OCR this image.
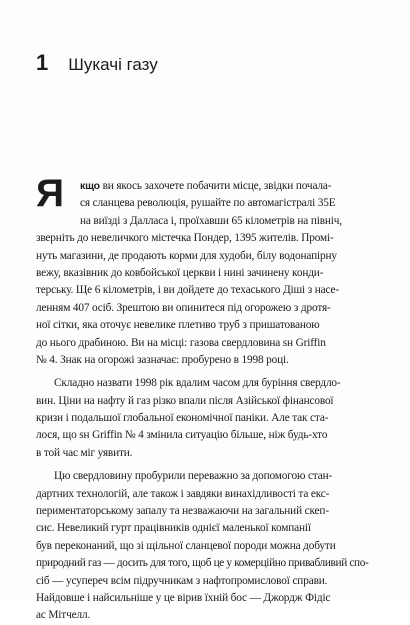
1 Шукачі газу
Я	кщо ви якось захочете побачити місце, звідки почала-
ся сланцева революція, рушайте по автомагістралі 35E
на виїзді з Далласа і, проїхавши 65 кілометрів на північ,
зверніть до невеличкого містечка Пондер, 1395 жителів. Промі-
нуть магазини, де продають корми для худоби, білу водонапірну
вежу, вказівник до ковбойської церкви і нині зачинену конди-
терську. Ще 6 кілометрів, і ви дойдете до техаського Діші з насе-
ленням 407 осіб. Зрештою ви опинитеся під огорожею з дротя-
ної сітки, яка оточує невелике плетиво труб з пришатованою
до нього драбиною. Ви на місці: газова свердловина sн Griffin
№ 4. Знак на огорожі зазначає: пробурено в 1998 році.
Складно назвати 1998 рік вдалим часом для буріння свердло-
вин. Ціни на нафту й газ різко впали після Азійської фінансової
кризи і подальшої глобальної економічної паніки. Але так ста-
лося, що sн Griffin № 4 змінила ситуацію більше, ніж будь-хто
в той час міг уявити.
Цю свердловину пробурили переважно за допомогою стан-
дартних технологій, але також і завдяки винахідливості та екс-
периментаторському запалу та незважаючи на загальний скеп-
сис. Невеликий гурт працівників однієї маленької компанії
був переконаний, що зі щільної сланцевої породи можна добути
природний газ — досить для того, щоб це у комерційно привабливий спо-
сіб — усупереч всім підручникам з нафтопромислової справи.
Найдовше і найсильніше у це вірив їхній бос — Джордж Фідіс
ас Мітчелл.
